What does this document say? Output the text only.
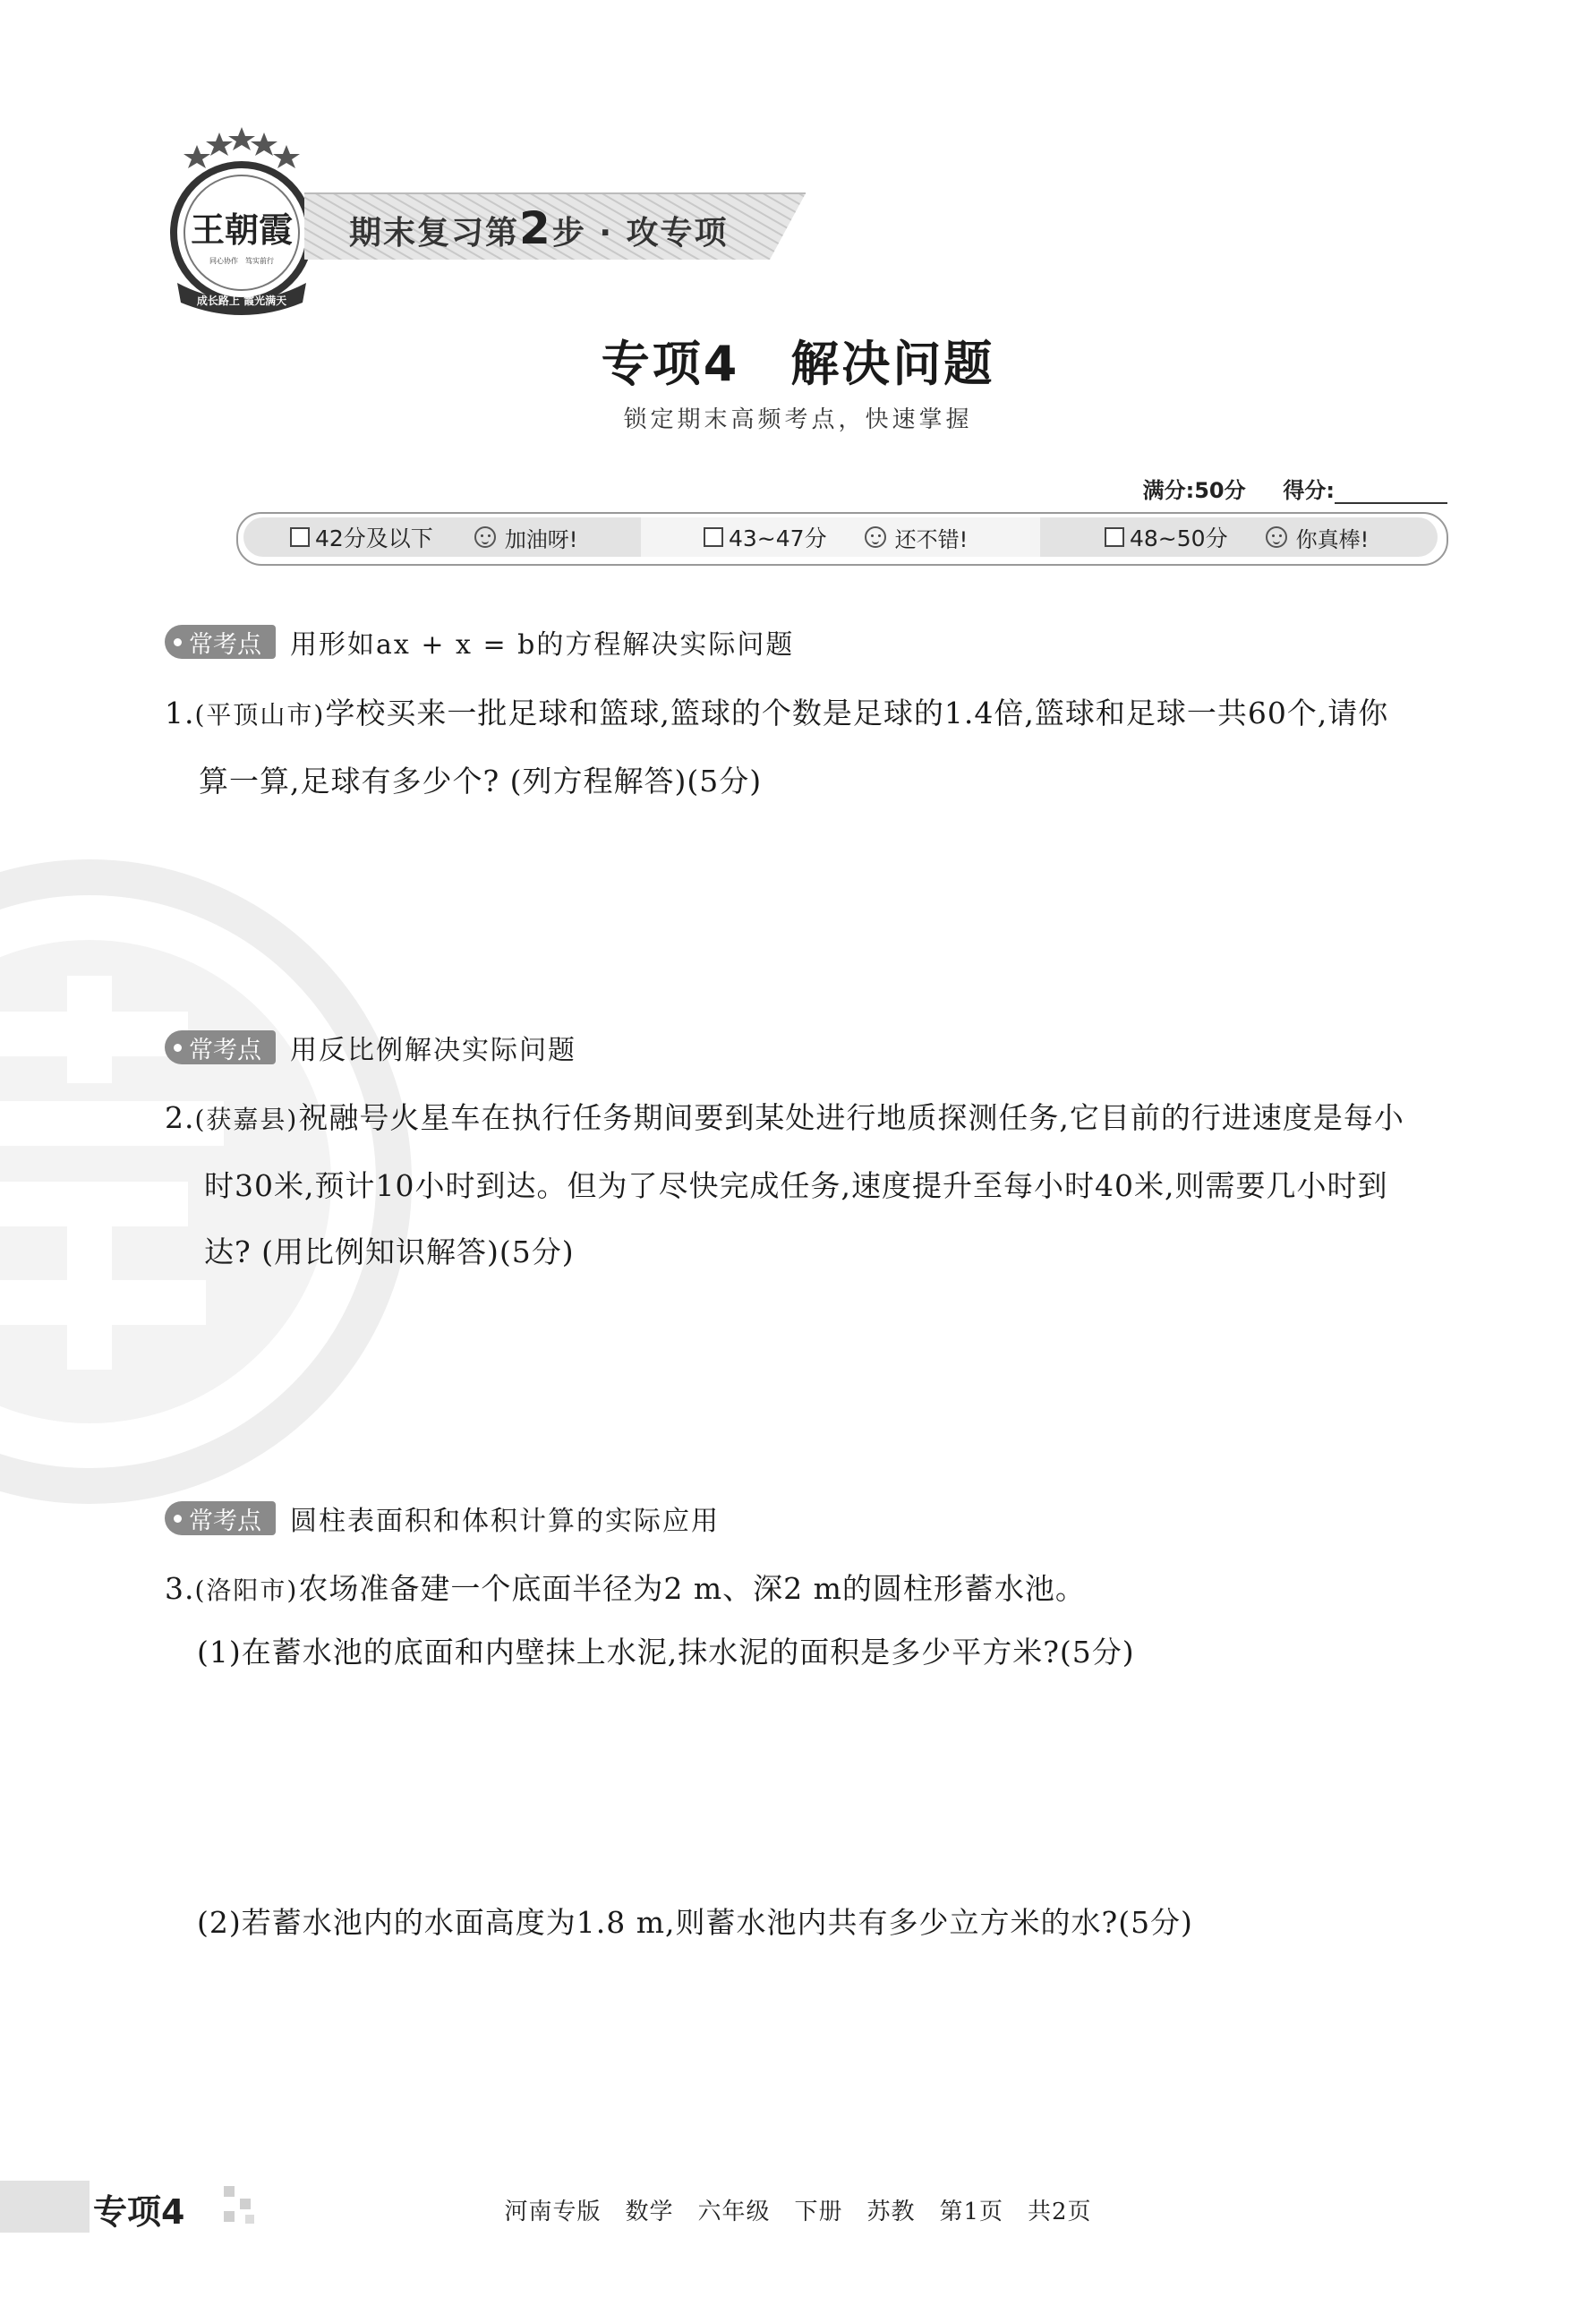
王朝霞
同心协作 笃实前行
成长路上 霞光满天
期末复习第2步 · 攻专项
专项4　解决问题
锁定期末高频考点，快速掌握
满分:50分 得分:
42分及以下	加油呀!	43~47分	还不错!	48~50分	你真棒!
常考点 用形如ax + x = b的方程解决实际问题
1.(平顶山市)学校买来一批足球和篮球,篮球的个数是足球的1.4倍,篮球和足球一共60个,请你
算一算,足球有多少个? (列方程解答)(5分)
常考点 用反比例解决实际问题
2.(获嘉县)祝融号火星车在执行任务期间要到某处进行地质探测任务,它目前的行进速度是每小
时30米,预计10小时到达。但为了尽快完成任务,速度提升至每小时40米,则需要几小时到
达? (用比例知识解答)(5分)
常考点 圆柱表面积和体积计算的实际应用
3.(洛阳市)农场准备建一个底面半径为2 m、深2 m的圆柱形蓄水池。
(1)在蓄水池的底面和内壁抹上水泥,抹水泥的面积是多少平方米?(5分)
(2)若蓄水池内的水面高度为1.8 m,则蓄水池内共有多少立方米的水?(5分)
专项4	河南专版　数学　六年级　下册　苏教　第1页　共2页
